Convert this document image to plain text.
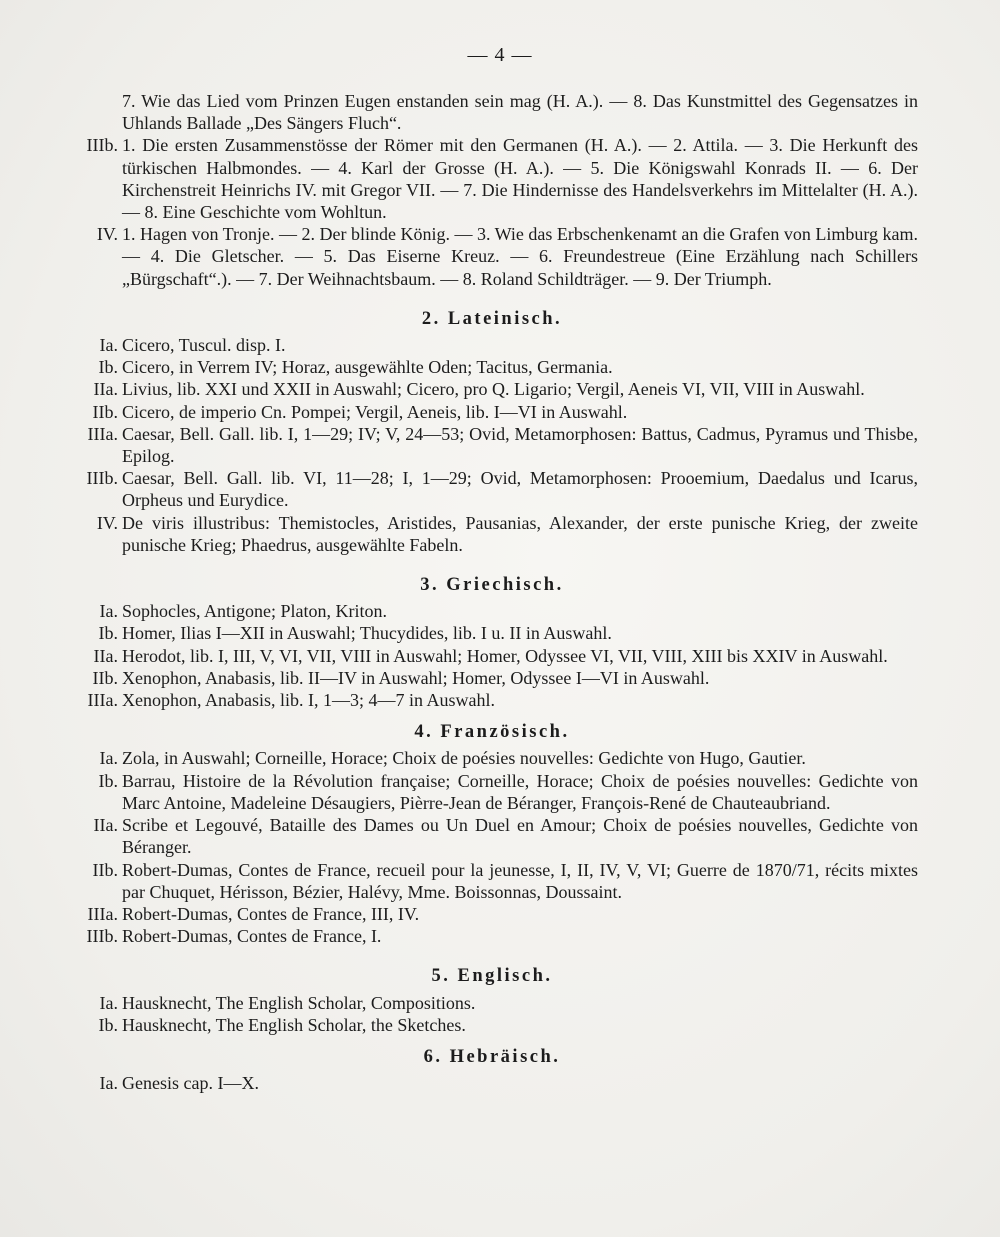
— 4 —
7. Wie das Lied vom Prinzen Eugen enstanden sein mag (H. A.). — 8. Das Kunstmittel des Gegensatzes in Uhlands Ballade „Des Sängers Fluch“.
IIIb. 1. Die ersten Zusammenstösse der Römer mit den Germanen (H. A.). — 2. Attila. — 3. Die Herkunft des türkischen Halbmondes. — 4. Karl der Grosse (H. A.). — 5. Die Königswahl Konrads II. — 6. Der Kirchenstreit Heinrichs IV. mit Gregor VII. — 7. Die Hindernisse des Handelsverkehrs im Mittelalter (H. A.). — 8. Eine Geschichte vom Wohltun.
IV. 1. Hagen von Tronje. — 2. Der blinde König. — 3. Wie das Erbschenkenamt an die Grafen von Limburg kam. — 4. Die Gletscher. — 5. Das Eiserne Kreuz. — 6. Freundestreue (Eine Erzählung nach Schillers „Bürgschaft“.). — 7. Der Weihnachtsbaum. — 8. Roland Schildträger. — 9. Der Triumph.
2. Lateinisch.
Ia. Cicero, Tuscul. disp. I.
Ib. Cicero, in Verrem IV; Horaz, ausgewählte Oden; Tacitus, Germania.
IIa. Livius, lib. XXI und XXII in Auswahl; Cicero, pro Q. Ligario; Vergil, Aeneis VI, VII, VIII in Auswahl.
IIb. Cicero, de imperio Cn. Pompei; Vergil, Aeneis, lib. I—VI in Auswahl.
IIIa. Caesar, Bell. Gall. lib. I, 1—29; IV; V, 24—53; Ovid, Metamorphosen: Battus, Cadmus, Pyramus und Thisbe, Epilog.
IIIb. Caesar, Bell. Gall. lib. VI, 11—28; I, 1—29; Ovid, Metamorphosen: Prooemium, Daedalus und Icarus, Orpheus und Eurydice.
IV. De viris illustribus: Themistocles, Aristides, Pausanias, Alexander, der erste punische Krieg, der zweite punische Krieg; Phaedrus, ausgewählte Fabeln.
3. Griechisch.
Ia. Sophocles, Antigone; Platon, Kriton.
Ib. Homer, Ilias I—XII in Auswahl; Thucydides, lib. I u. II in Auswahl.
IIa. Herodot, lib. I, III, V, VI, VII, VIII in Auswahl; Homer, Odyssee VI, VII, VIII, XIII bis XXIV in Auswahl.
IIb. Xenophon, Anabasis, lib. II—IV in Auswahl; Homer, Odyssee I—VI in Auswahl.
IIIa. Xenophon, Anabasis, lib. I, 1—3; 4—7 in Auswahl.
4. Französisch.
Ia. Zola, in Auswahl; Corneille, Horace; Choix de poésies nouvelles: Gedichte von Hugo, Gautier.
Ib. Barrau, Histoire de la Révolution française; Corneille, Horace; Choix de poésies nouvelles: Gedichte von Marc Antoine, Madeleine Désaugiers, Pièrre-Jean de Béranger, François-René de Chauteaubriand.
IIa. Scribe et Legouvé, Bataille des Dames ou Un Duel en Amour; Choix de poésies nouvelles, Gedichte von Béranger.
IIb. Robert-Dumas, Contes de France, recueil pour la jeunesse, I, II, IV, V, VI; Guerre de 1870/71, récits mixtes par Chuquet, Hérisson, Bézier, Halévy, Mme. Boissonnas, Doussaint.
IIIa. Robert-Dumas, Contes de France, III, IV.
IIIb. Robert-Dumas, Contes de France, I.
5. Englisch.
Ia. Hausknecht, The English Scholar, Compositions.
Ib. Hausknecht, The English Scholar, the Sketches.
6. Hebräisch.
Ia. Genesis cap. I—X.
